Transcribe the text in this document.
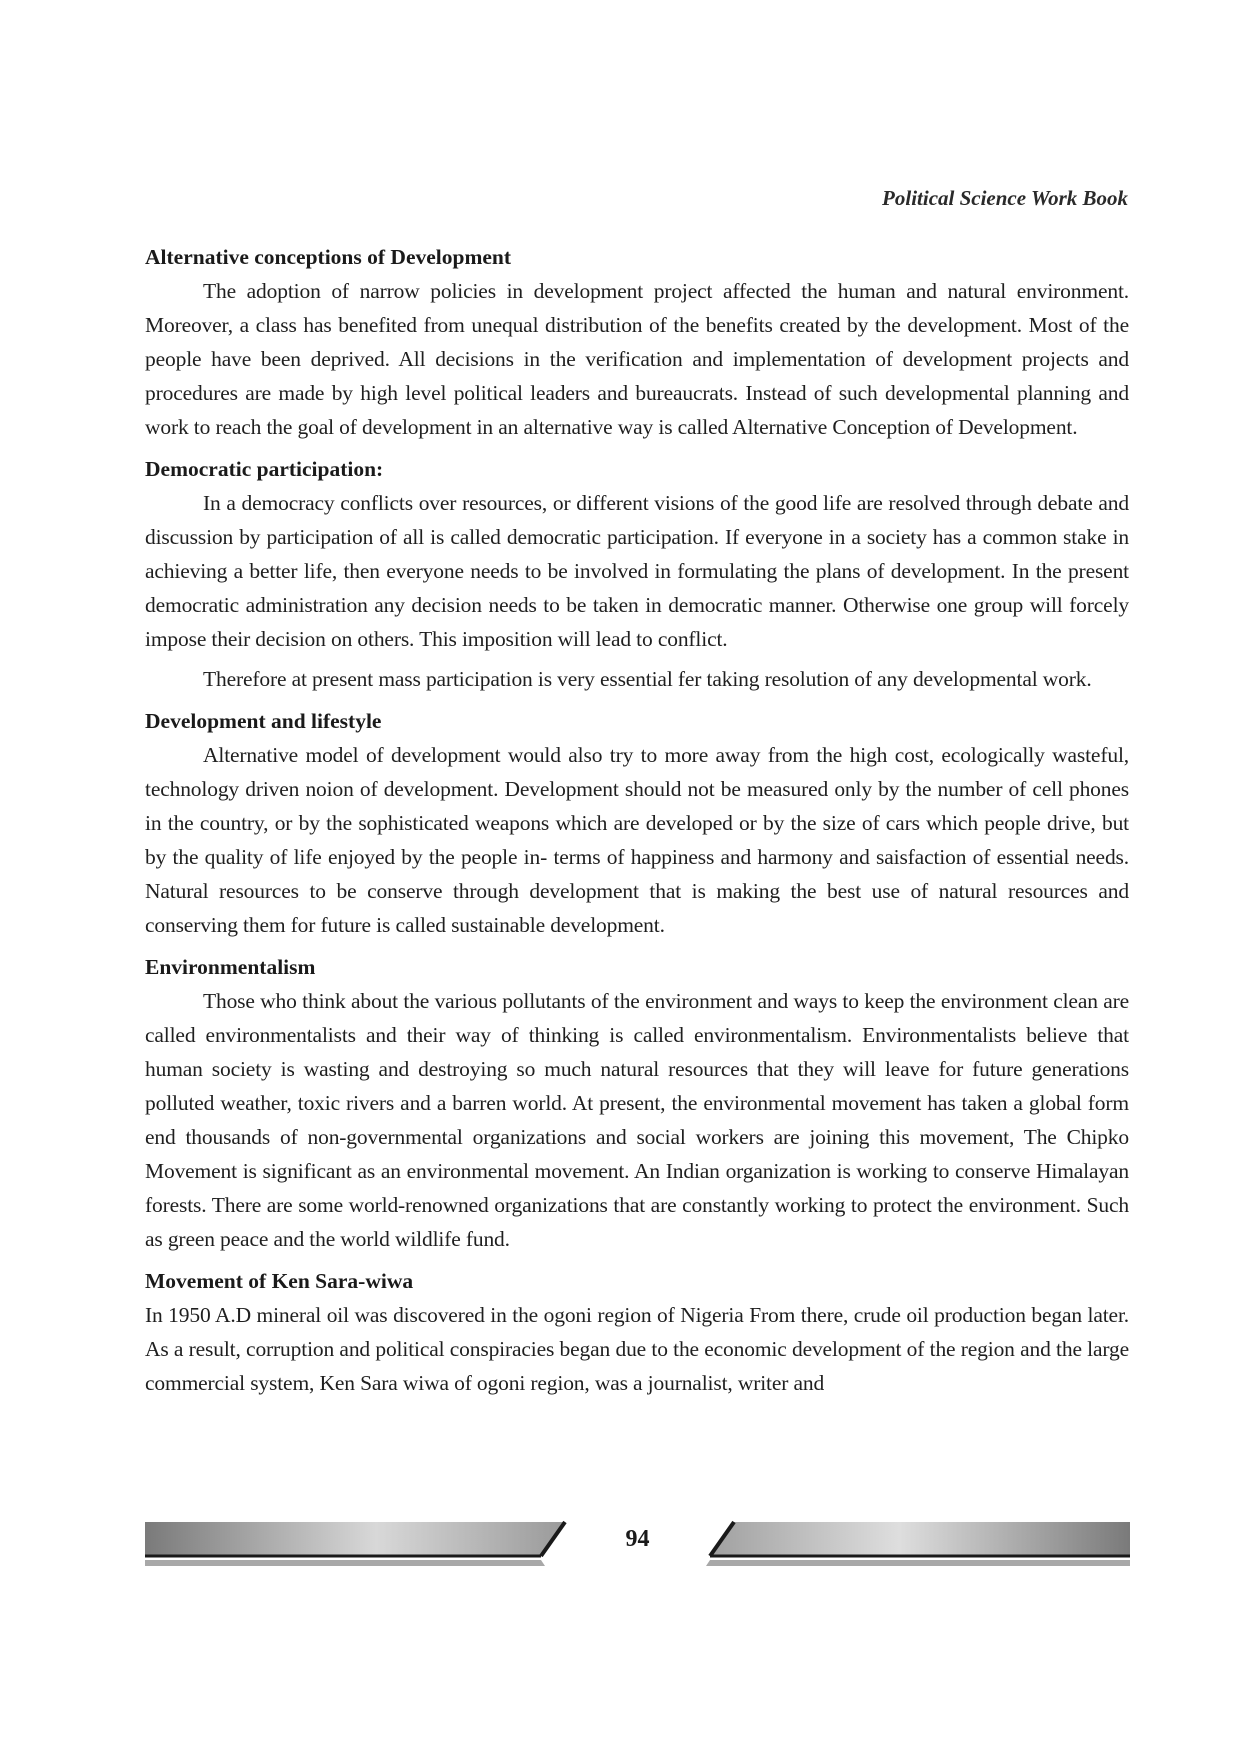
Political Science Work Book
Alternative conceptions of Development

The adoption of narrow policies in development project affected the human and natural environment. Moreover, a class has benefited from unequal distribution of the benefits created by the development. Most of the people have been deprived. All decisions in the verification and implementation of development projects and procedures are made by high level political leaders and bureaucrats. Instead of such developmental planning and work to reach the goal of development in an alternative way is called Alternative Conception of Development.

Democratic participation:

In a democracy conflicts over resources, or different visions of the good life are resolved through debate and discussion by participation of all is called democratic participation. If everyone in a society has a common stake in achieving a better life, then everyone needs to be involved in formulating the plans of development. In the present democratic administration any decision needs to be taken in democratic manner. Otherwise one group will forcely impose their decision on others. This imposition will lead to conflict.

Therefore at present mass participation is very essential fer taking resolution of any developmental work.

Development and lifestyle

Alternative model of development would also try to more away from the high cost, ecologically wasteful, technology driven noion of development. Development should not be measured only by the number of cell phones in the country, or by the sophisticated weapons which are developed or by the size of cars which people drive, but by the quality of life enjoyed by the people in- terms of happiness and harmony and saisfaction of essential needs. Natural resources to be conserve through development that is making the best use of natural resources and conserving them for future is called sustainable development.

Environmentalism

Those who think about the various pollutants of the environment and ways to keep the environment clean are called environmentalists and their way of thinking is called environmentalism. Environmentalists believe that human society is wasting and destroying so much natural resources that they will leave for future generations polluted weather, toxic rivers and a barren world. At present, the environmental movement has taken a global form end thousands of non-governmental organizations and social workers are joining this movement, The Chipko Movement is significant as an environmental movement. An Indian organization is working to conserve Himalayan forests. There are some world-renowned organizations that are constantly working to protect the environment. Such as green peace and the world wildlife fund.

Movement of Ken Sara-wiwa

In 1950 A.D mineral oil was discovered in the ogoni region of Nigeria From there, crude oil production began later. As a result, corruption and political conspiracies began due to the economic development of the region and the large commercial system, Ken Sara wiwa of ogoni region, was a journalist, writer and

94
